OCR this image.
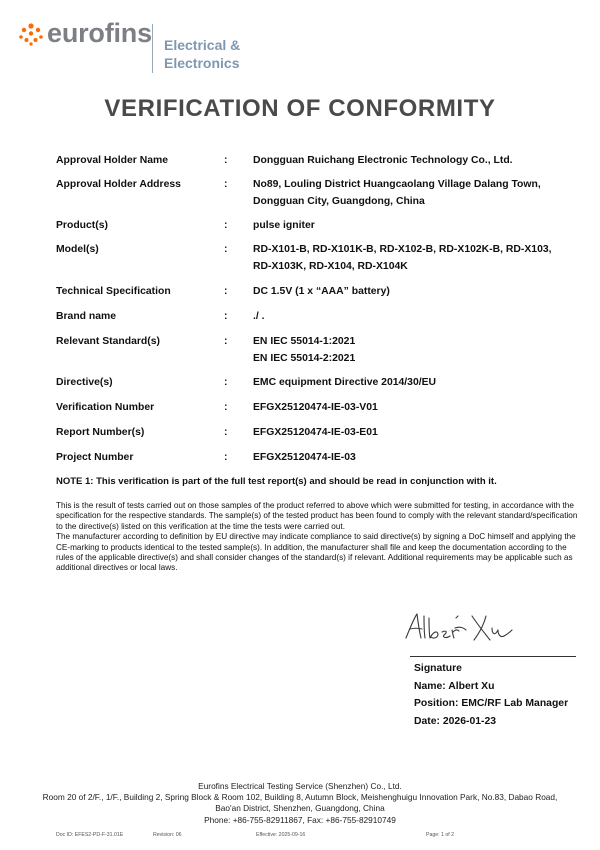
eurofins Electrical &
Electronics
VERIFICATION OF CONFORMITY
Approval Holder Name	:	Dongguan Ruichang Electronic Technology Co., Ltd.
Approval Holder Address	:	No89, Louling District Huangcaolang Village Dalang Town,
Dongguan City, Guangdong, China
Product(s)	:	pulse igniter
Model(s)	:	RD-X101-B, RD-X101K-B, RD-X102-B, RD-X102K-B, RD-X103,
RD-X103K, RD-X104, RD-X104K
Technical Specification	:	DC 1.5V (1 x “AAA” battery)
Brand name	:	./ .
Relevant Standard(s)	:	EN IEC 55014-1:2021
EN IEC 55014-2:2021
Directive(s)	:	EMC equipment Directive 2014/30/EU
Verification Number	:	EFGX25120474-IE-03-V01
Report Number(s)	:	EFGX25120474-IE-03-E01
Project Number	:	EFGX25120474-IE-03
NOTE 1: This verification is part of the full test report(s) and should be read in conjunction with it.

This is the result of tests carried out on those samples of the product referred to above which were submitted for testing, in accordance with the specification for the respective standards. The sample(s) of the tested product has been found to comply with the relevant standard/specification to the directive(s) listed on this verification at the time the tests were carried out.

The manufacturer according to definition by EU directive may indicate compliance to said directive(s) by signing a DoC himself and applying the CE-marking to products identical to the tested sample(s). In addition, the manufacturer shall file and keep the documentation according to the rules of the applicable directive(s) and shall consider changes of the standard(s) if relevant. Additional requirements may be applicable such as additional directives or local laws.

Signature
Name: Albert Xu
Position: EMC/RF Lab Manager
Date: 2026-01-23
Eurofins Electrical Testing Service (Shenzhen) Co., Ltd.
Room 20 of 2/F., 1/F., Building 2, Spring Block & Room 102, Building 8, Autumn Block, Meishenghuigu Innovation Park, No.83, Dabao Road,
Bao'an District, Shenzhen, Guangdong, China
Phone: +86-755-82911867, Fax: +86-755-82910749
Doc ID: EFES2-PD-F-31.01E	Revision: 06	Effective: 2025-09-16	Page: 1 of 2
